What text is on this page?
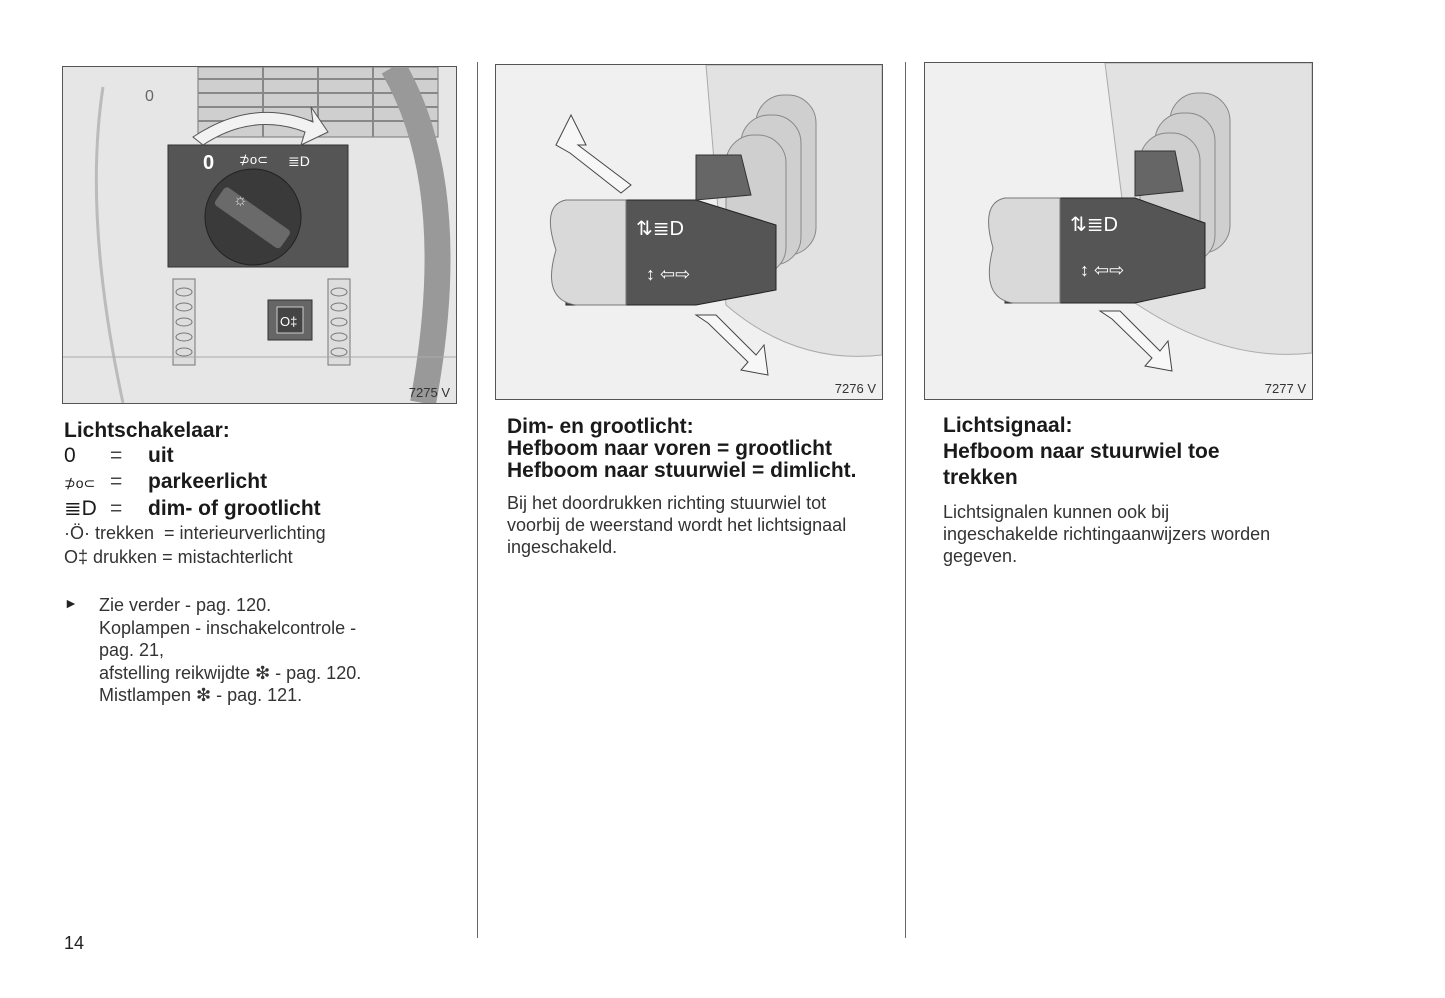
0
0 ⊅o⊂ ≣D
☼
O‡
7275 V
⇅≣D
↕ ⇦⇨
7276 V
⇅≣D
↕ ⇦⇨
7277 V
Lichtschakelaar:
0 = uit
⊅o⊂ = parkeerlicht
≣D = dim- of grootlicht
·Ö· trekken  = interieurverlichting
O‡ drukken = mistachterlicht
► Zie verder - pag. 120.
Koplampen - inschakelcontrole -
pag. 21,
afstelling reikwijdte ❇ - pag. 120.
Mistlampen ❇ - pag. 121.
14
Dim- en grootlicht:
Hefboom naar voren = grootlicht
Hefboom naar stuurwiel = dimlicht.
Bij het doordrukken richting stuurwiel tot
voorbij de weerstand wordt het lichtsignaal
ingeschakeld.
Lichtsignaal:
Hefboom naar stuurwiel toe
trekken
Lichtsignalen kunnen ook bij
ingeschakelde richtingaanwijzers worden
gegeven.
